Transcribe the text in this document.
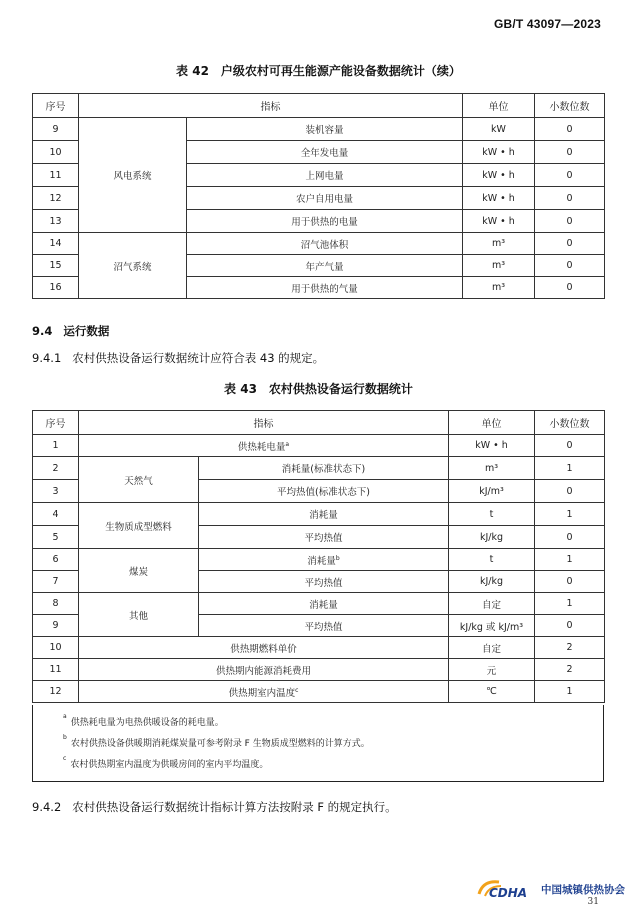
GB/T 43097—2023
表 42　户级农村可再生能源产能设备数据统计（续）
序号	指标		单位	小数位数
9	风电系统	装机容量	kW	0
10		全年发电量	kW • h	0
11		上网电量	kW • h	0
12		农户自用电量	kW • h	0
13		用于供热的电量	kW • h	0
14	沼气系统	沼气池体积	m³	0
15		年产气量	m³	0
16		用于供热的气量	m³	0
9.4 运行数据
9.4.1 农村供热设备运行数据统计应符合表 43 的规定。
表 43　农村供热设备运行数据统计
序号	指标		单位	小数位数
1	供热耗电量$^a$		kW • h	0
2	天然气	消耗量(标准状态下)	m³	1
3		平均热值(标准状态下)	kJ/m³	0
4	生物质成型燃料	消耗量	t	1
5		平均热值	kJ/kg	0
6	煤炭	消耗量$^b$	t	1
7		平均热值	kJ/kg	0
8	其他	消耗量	自定	1
9		平均热值	kJ/kg 或 kJ/m³	0
10	供热期燃料单价		自定	2
11	供热期内能源消耗费用		元	2
12	供热期室内温度$^c$		℃	1
$^a$供热耗电量为电热供暖设备的耗电量。
$^b$农村供热设备供暖期消耗煤炭量可参考附录 F 生物质成型燃料的计算方式。
$^c$农村供热期室内温度为供暖房间的室内平均温度。
9.4.2 农村供热设备运行数据统计指标计算方法按附录 F 的规定执行。
CDHA 中国城镇供热协会
31
